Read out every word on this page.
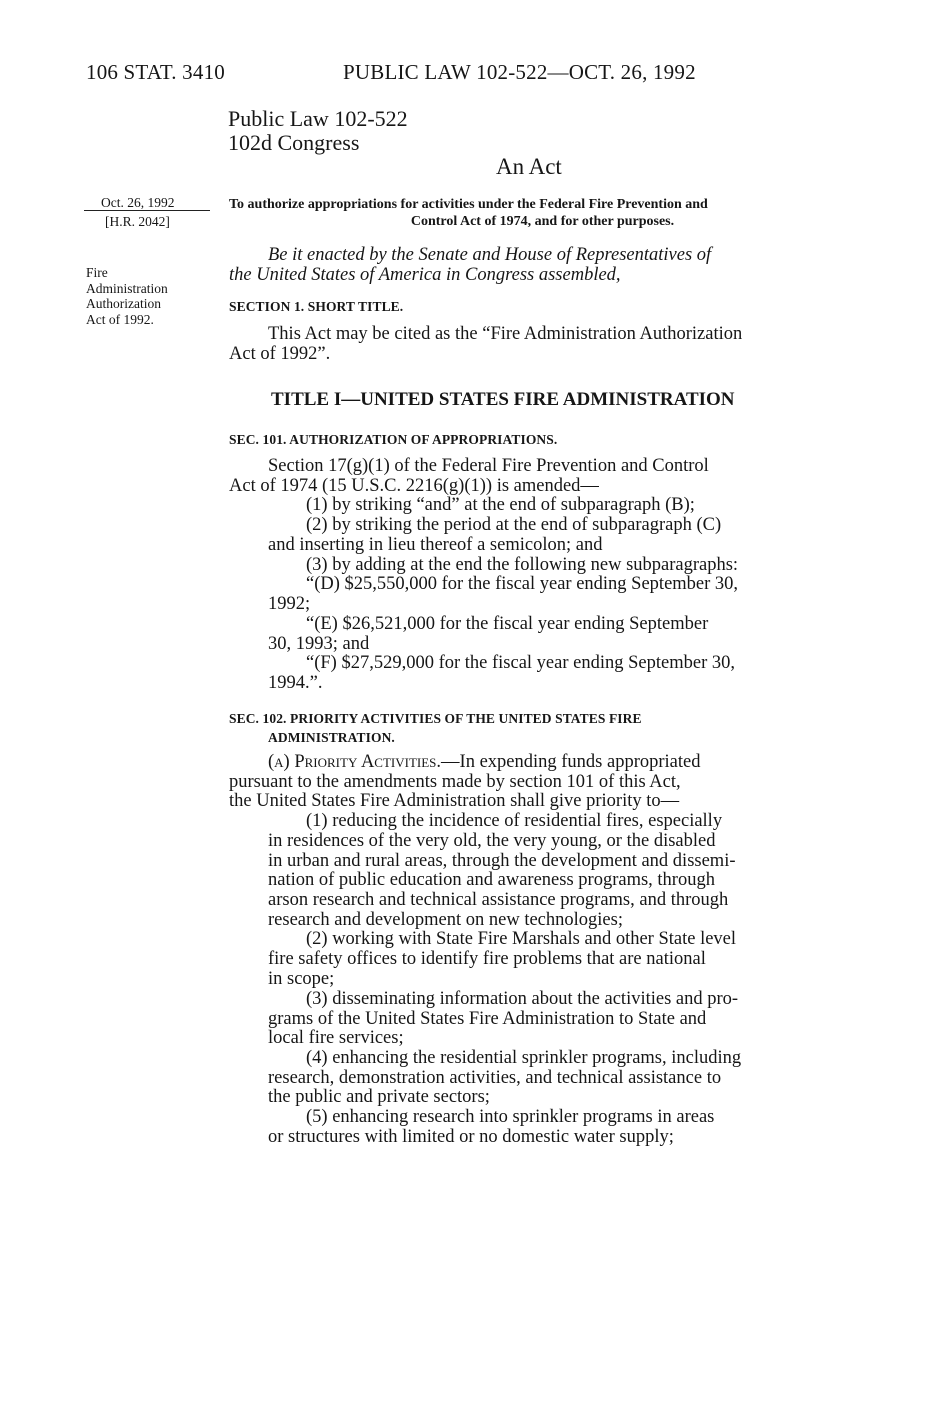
106 STAT. 3410	PUBLIC LAW 102-522—OCT. 26, 1992
Public Law 102-522
102d Congress
An Act
Oct. 26, 1992
[H.R. 2042]
Fire
Administration
Authorization
Act of 1992.
To authorize appropriations for activities under the Federal Fire Prevention and
Control Act of 1974, and for other purposes.
Be it enacted by the Senate and House of Representatives of
the United States of America in Congress assembled,
SECTION 1. SHORT TITLE.
This Act may be cited as the “Fire Administration Authorization
Act of 1992”.
TITLE I—UNITED STATES FIRE ADMINISTRATION
SEC. 101. AUTHORIZATION OF APPROPRIATIONS.
Section 17(g)(1) of the Federal Fire Prevention and Control
Act of 1974 (15 U.S.C. 2216(g)(1)) is amended—
(1) by striking “and” at the end of subparagraph (B);
(2) by striking the period at the end of subparagraph (C)
and inserting in lieu thereof a semicolon; and
(3) by adding at the end the following new subparagraphs:
“(D) $25,550,000 for the fiscal year ending September 30,
1992;
“(E) $26,521,000 for the fiscal year ending September
30, 1993; and
“(F) $27,529,000 for the fiscal year ending September 30,
1994.”.
SEC. 102. PRIORITY ACTIVITIES OF THE UNITED STATES FIRE
ADMINISTRATION.
(a) Priority Activities.—In expending funds appropriated
pursuant to the amendments made by section 101 of this Act,
the United States Fire Administration shall give priority to—
(1) reducing the incidence of residential fires, especially
in residences of the very old, the very young, or the disabled
in urban and rural areas, through the development and dissemi-
nation of public education and awareness programs, through
arson research and technical assistance programs, and through
research and development on new technologies;
(2) working with State Fire Marshals and other State level
fire safety offices to identify fire problems that are national
in scope;
(3) disseminating information about the activities and pro-
grams of the United States Fire Administration to State and
local fire services;
(4) enhancing the residential sprinkler programs, including
research, demonstration activities, and technical assistance to
the public and private sectors;
(5) enhancing research into sprinkler programs in areas
or structures with limited or no domestic water supply;
